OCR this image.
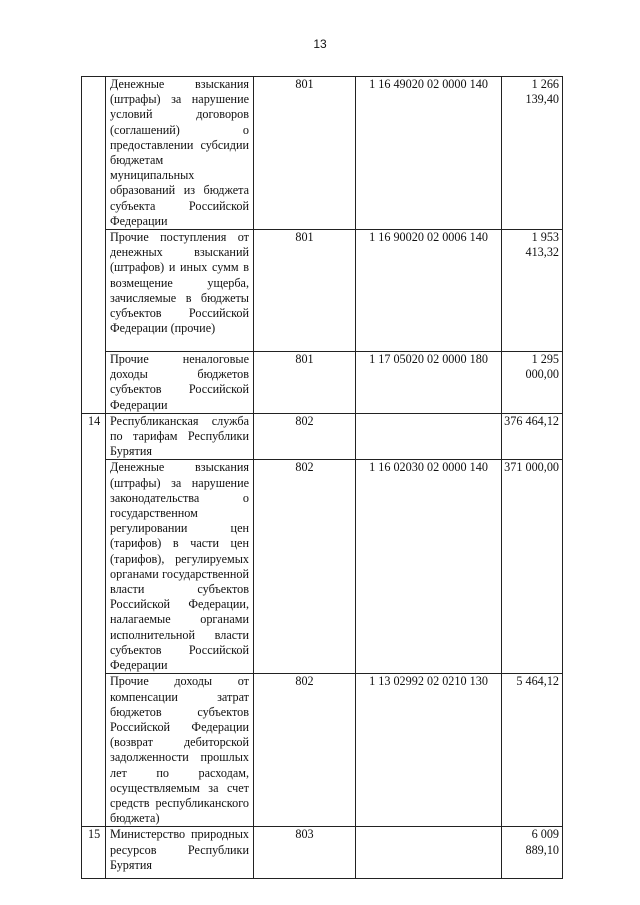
13
	Денежные взыскания (штрафы) за нарушение условий договоров (соглашений) о предоставлении субсидии бюджетам муниципальных образований из бюджета субъекта Российской Федерации	801	1 16 49020 02 0000 140	1 266 139,40
	Прочие поступления от денежных взысканий (штрафов) и иных сумм в возмещение ущерба, зачисляемые в бюджеты субъектов Российской Федерации (прочие)	801	1 16 90020 02 0006 140	1 953 413,32
	Прочие неналоговые доходы бюджетов субъектов Российской Федерации	801	1 17 05020 02 0000 180	1 295 000,00
14	Республиканская служба по тарифам Республики Бурятия	802		376 464,12
	Денежные взыскания (штрафы) за нарушение законодательства о государственном регулировании цен (тарифов) в части цен (тарифов), регулируемых органами государственной власти субъектов Российской Федерации, налагаемые органами исполнительной власти субъектов Российской Федерации	802	1 16 02030 02 0000 140	371 000,00
	Прочие доходы от компенсации затрат бюджетов субъектов Российской Федерации (возврат дебиторской задолженности прошлых лет по расходам, осуществляемым за счет средств республиканского бюджета)	802	1 13 02992 02 0210 130	5 464,12
15	Министерство природных ресурсов Республики Бурятия	803		6 009 889,10
